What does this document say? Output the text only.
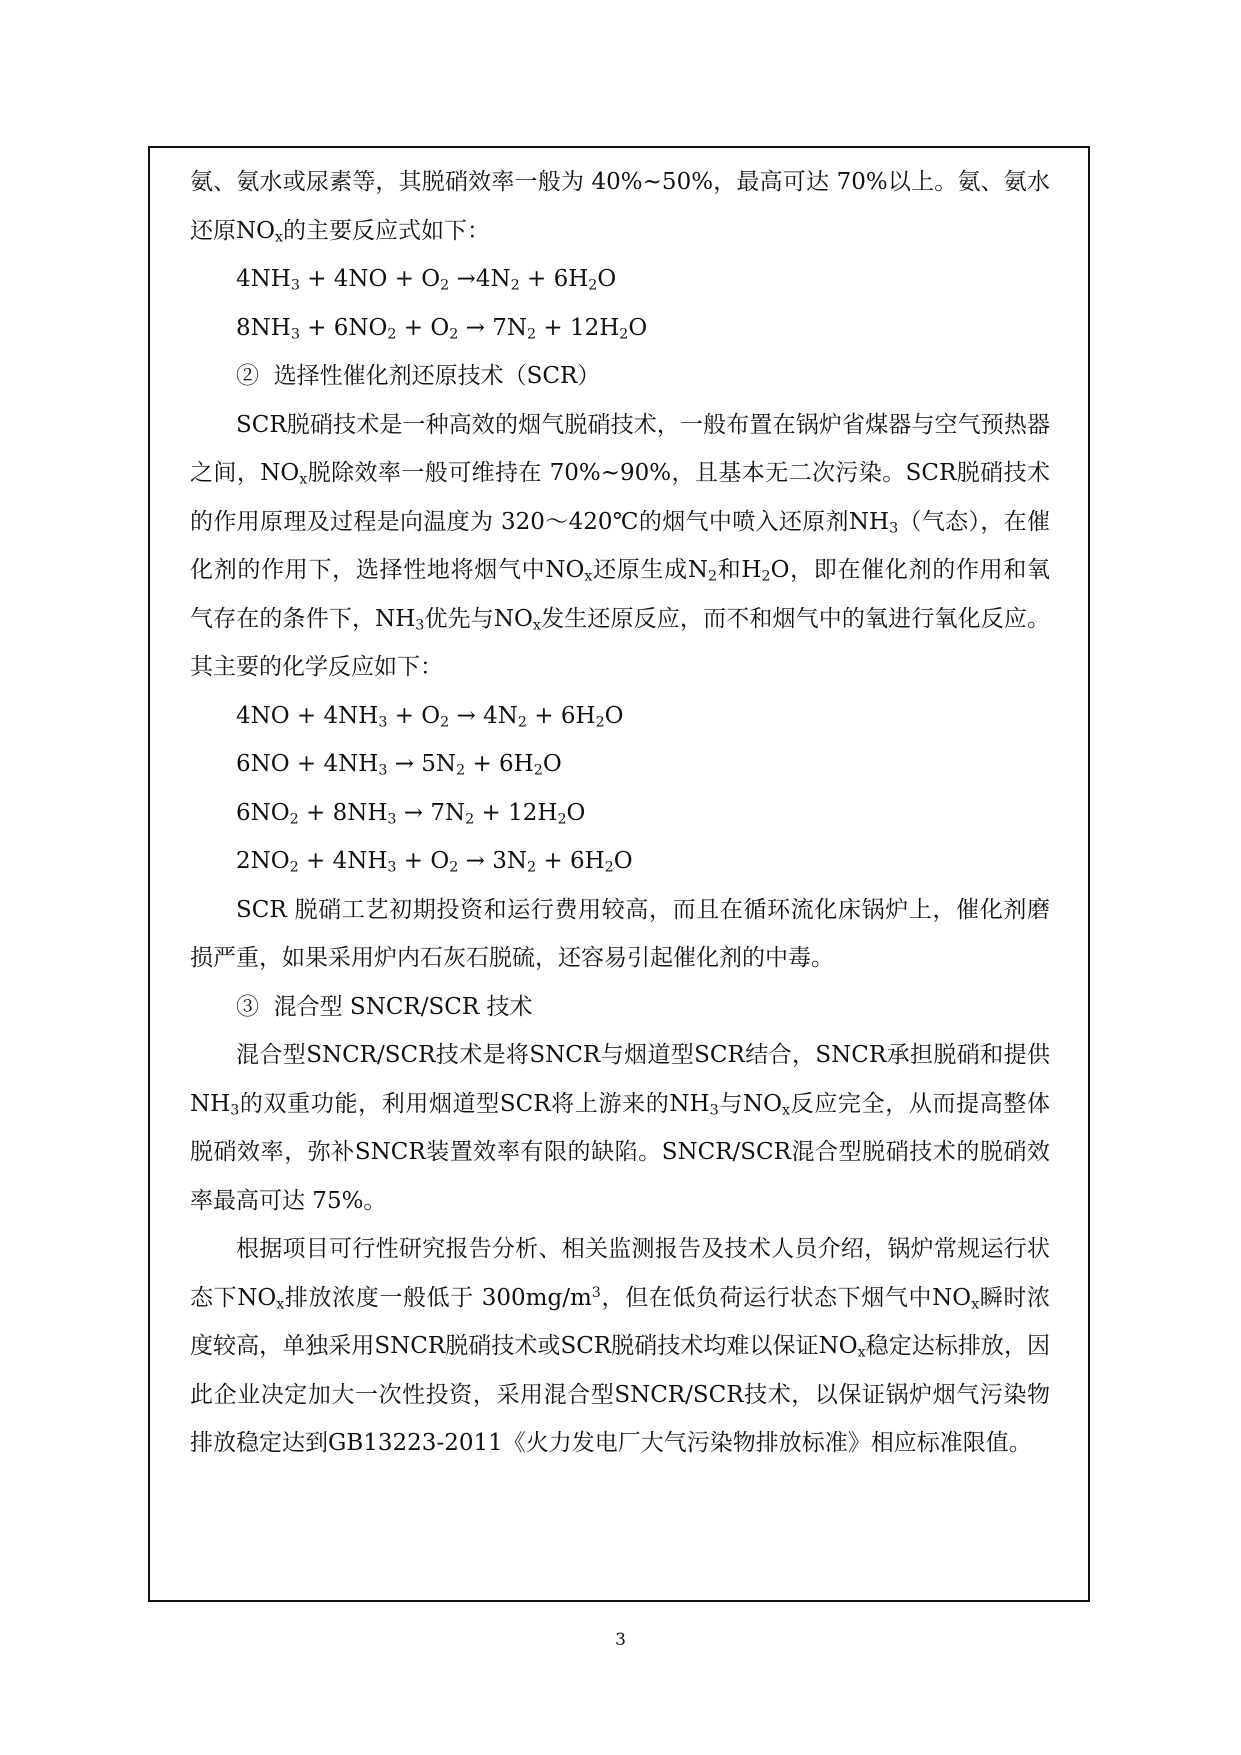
氨、氨水或尿素等，其脱硝效率一般为 40%~50%，最高可达 70%以上。氨、氨水还原$NO_x$的主要反应式如下：

$4NH_3 + 4NO + O_2 \to 4N_2 + 6H_2O$

$8NH_3 + 6NO_2 + O_2 \to 7N_2 + 12H_2O$

②  选择性催化剂还原技术（SCR）

SCR脱硝技术是一种高效的烟气脱硝技术，一般布置在锅炉省煤器与空气预热器之间，$NO_x$脱除效率一般可维持在 70%~90%，且基本无二次污染。SCR脱硝技术的作用原理及过程是向温度为 320～420℃的烟气中喷入还原剂$NH_3$（气态），在催化剂的作用下，选择性地将烟气中$NO_x$还原生成$N_2$和$H_2O$，即在催化剂的作用和氧气存在的条件下，$NH_3$优先与$NO_x$发生还原反应，而不和烟气中的氧进行氧化反应。其主要的化学反应如下：

$4NO + 4NH_3 + O_2 \to 4N_2 + 6H_2O$

$6NO + 4NH_3 \to 5N_2 + 6H_2O$

$6NO_2 + 8NH_3 \to 7N_2 + 12H_2O$

$2NO_2 + 4NH_3 + O_2 \to 3N_2 + 6H_2O$

SCR 脱硝工艺初期投资和运行费用较高，而且在循环流化床锅炉上，催化剂磨损严重，如果采用炉内石灰石脱硫，还容易引起催化剂的中毒。

③  混合型 SNCR/SCR 技术

混合型SNCR/SCR技术是将SNCR与烟道型SCR结合，SNCR承担脱硝和提供$NH_3$的双重功能，利用烟道型SCR将上游来的$NH_3$与$NO_x$反应完全，从而提高整体脱硝效率，弥补SNCR装置效率有限的缺陷。SNCR/SCR混合型脱硝技术的脱硝效率最高可达 75%。

根据项目可行性研究报告分析、相关监测报告及技术人员介绍，锅炉常规运行状态下$NO_x$排放浓度一般低于 $300mg/m^3$，但在低负荷运行状态下烟气中$NO_x$瞬时浓度较高，单独采用SNCR脱硝技术或SCR脱硝技术均难以保证$NO_x$稳定达标排放，因此企业决定加大一次性投资，采用混合型SNCR/SCR技术，以保证锅炉烟气污染物排放稳定达到GB13223-2011《火力发电厂大气污染物排放标准》相应标准限值。

3
